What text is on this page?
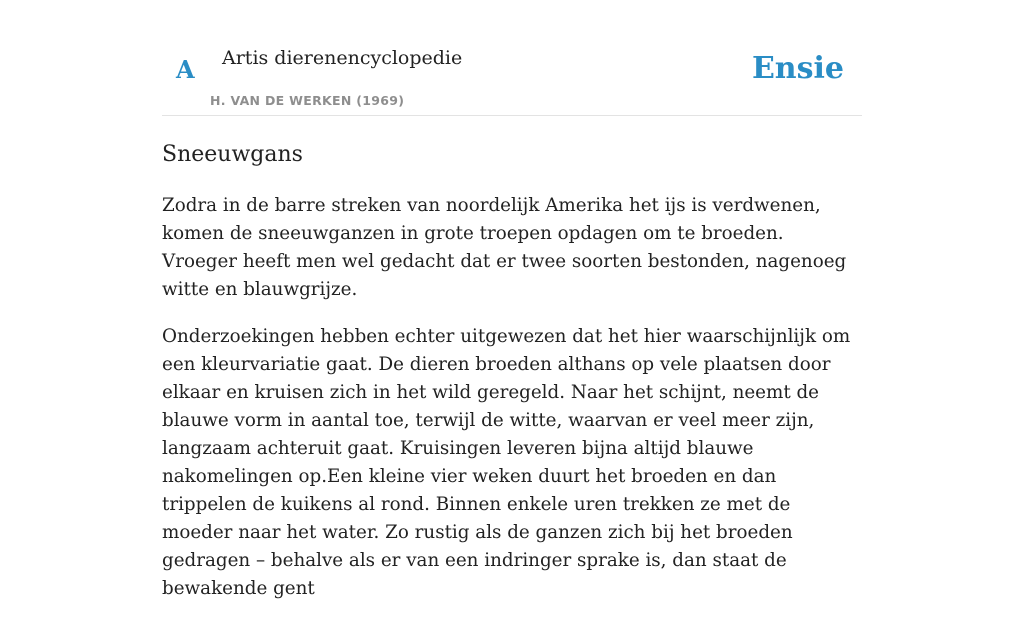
A Artis dierenencyclopedie
H. VAN DE WERKEN (1969)
Ensie
Sneeuwgans

Zodra in de barre streken van noordelijk Amerika het ijs is verdwenen, komen de sneeuwganzen in grote troepen opdagen om te broeden. Vroeger heeft men wel gedacht dat er twee soorten bestonden, nagenoeg witte en blauwgrijze.

Onderzoekingen hebben echter uitgewezen dat het hier waarschijnlijk om een kleurvariatie gaat. De dieren broeden althans op vele plaatsen door elkaar en kruisen zich in het wild geregeld. Naar het schijnt, neemt de blauwe vorm in aantal toe, terwijl de witte, waarvan er veel meer zijn, langzaam achteruit gaat. Kruisingen leveren bijna altijd blauwe nakomelingen op.Een kleine vier weken duurt het broeden en dan trippelen de kuikens al rond. Binnen enkele uren trekken ze met de moeder naar het water. Zo rustig als de ganzen zich bij het broeden gedragen – behalve als er van een indringer sprake is, dan staat de bewakende gent
